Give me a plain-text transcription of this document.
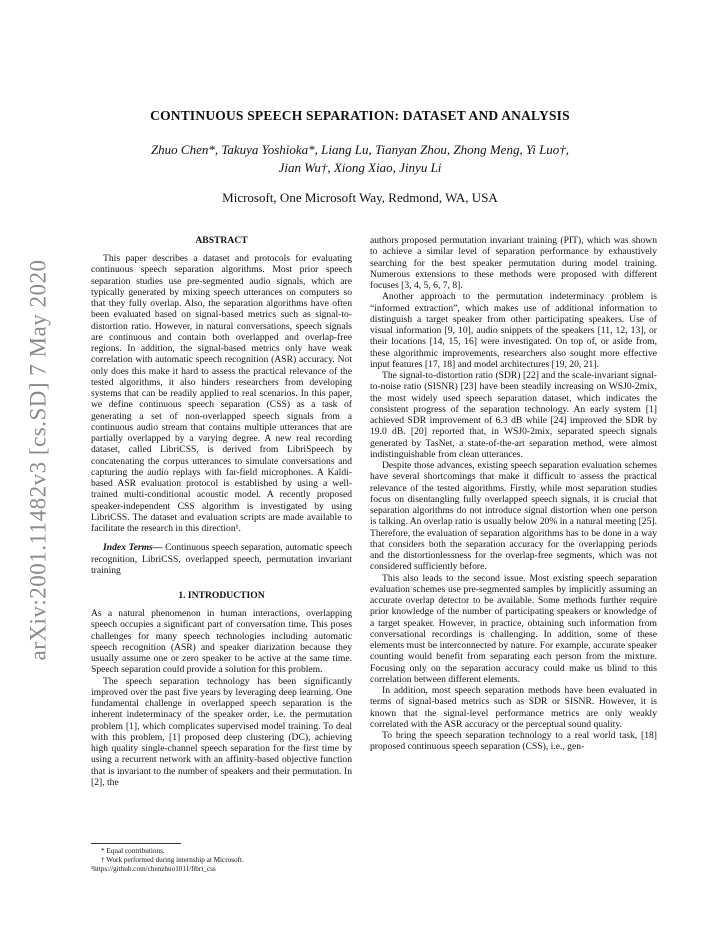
arXiv:2001.11482v3 [cs.SD] 7 May 2020
CONTINUOUS SPEECH SEPARATION: DATASET AND ANALYSIS
Zhuo Chen*, Takuya Yoshioka*, Liang Lu, Tianyan Zhou, Zhong Meng, Yi Luo†,
Jian Wu†, Xiong Xiao, Jinyu Li
Microsoft, One Microsoft Way, Redmond, WA, USA
ABSTRACT

This paper describes a dataset and protocols for evaluating continuous speech separation algorithms. Most prior speech separation studies use pre-segmented audio signals, which are typically generated by mixing speech utterances on computers so that they fully overlap. Also, the separation algorithms have often been evaluated based on signal-based metrics such as signal-to-distortion ratio. However, in natural conversations, speech signals are continuous and contain both overlapped and overlap-free regions. In addition, the signal-based metrics only have weak correlation with automatic speech recognition (ASR) accuracy. Not only does this make it hard to assess the practical relevance of the tested algorithms, it also hinders researchers from developing systems that can be readily applied to real scenarios. In this paper, we define continuous speech separation (CSS) as a task of generating a set of non-overlapped speech signals from a continuous audio stream that contains multiple utterances that are partially overlapped by a varying degree. A new real recording dataset, called LibriCSS, is derived from LibriSpeech by concatenating the corpus utterances to simulate conversations and capturing the audio replays with far-field microphones. A Kaldi-based ASR evaluation protocol is established by using a well-trained multi-conditional acoustic model. A recently proposed speaker-independent CSS algorithm is investigated by using LibriCSS. The dataset and evaluation scripts are made available to facilitate the research in this direction¹.

Index Terms— Continuous speech separation, automatic speech recognition, LibriCSS, overlapped speech, permutation invariant training

1. INTRODUCTION

As a natural phenomenon in human interactions, overlapping speech occupies a significant part of conversation time. This poses challenges for many speech technologies including automatic speech recognition (ASR) and speaker diarization because they usually assume one or zero speaker to be active at the same time. Speech separation could provide a solution for this problem.

The speech separation technology has been significantly improved over the past five years by leveraging deep learning. One fundamental challenge in overlapped speech separation is the inherent indeterminacy of the speaker order, i.e. the permutation problem [1], which complicates supervised model training. To deal with this problem, [1] proposed deep clustering (DC), achieving high quality single-channel speech separation for the first time by using a recurrent network with an affinity-based objective function that is invariant to the number of speakers and their permutation. In [2], the

* Equal contributions.
† Work performed during internship at Microsoft.
¹https://github.com/chenzhuo1011/libri_css

authors proposed permutation invariant training (PIT), which was shown to achieve a similar level of separation performance by exhaustively searching for the best speaker permutation during model training. Numerous extensions to these methods were proposed with different focuses [3, 4, 5, 6, 7, 8].

Another approach to the permutation indeterminacy problem is “informed extraction”, which makes use of additional information to distinguish a target speaker from other participating speakers. Use of visual information [9, 10], audio snippets of the speakers [11, 12, 13], or their locations [14, 15, 16] were investigated. On top of, or aside from, these algorithmic improvements, researchers also sought more effective input features [17, 18] and model architectures [19, 20, 21].

The signal-to-distortion ratio (SDR) [22] and the scale-invariant signal-to-noise ratio (SISNR) [23] have been steadily increasing on WSJ0-2mix, the most widely used speech separation dataset, which indicates the consistent progress of the separation technology. An early system [1] achieved SDR improvement of 6.3 dB while [24] improved the SDR by 19.0 dB. [20] reported that, in WSJ0-2mix, separated speech signals generated by TasNet, a state-of-the-art separation method, were almost indistinguishable from clean utterances.

Despite those advances, existing speech separation evaluation schemes have several shortcomings that make it difficult to assess the practical relevance of the tested algorithms. Firstly, while most separation studies focus on disentangling fully overlapped speech signals, it is crucial that separation algorithms do not introduce signal distortion when one person is talking. An overlap ratio is usually below 20% in a natural meeting [25]. Therefore, the evaluation of separation algorithms has to be done in a way that considers both the separation accuracy for the overlapping periods and the distortionlessness for the overlap-free segments, which was not considered sufficiently before.

This also leads to the second issue. Most existing speech separation evaluation schemes use pre-segmented samples by implicitly assuming an accurate overlap detector to be available. Some methods further require prior knowledge of the number of participating speakers or knowledge of a target speaker. However, in practice, obtaining such information from conversational recordings is challenging. In addition, some of these elements must be interconnected by nature. For example, accurate speaker counting would benefit from separating each person from the mixture. Focusing only on the separation accuracy could make us blind to this correlation between different elements.

In addition, most speech separation methods have been evaluated in terms of signal-based metrics such as SDR or SISNR. However, it is known that the signal-level performance metrics are only weakly correlated with the ASR accuracy or the perceptual sound quality.

To bring the speech separation technology to a real world task, [18] proposed continuous speech separation (CSS), i.e., gen-
